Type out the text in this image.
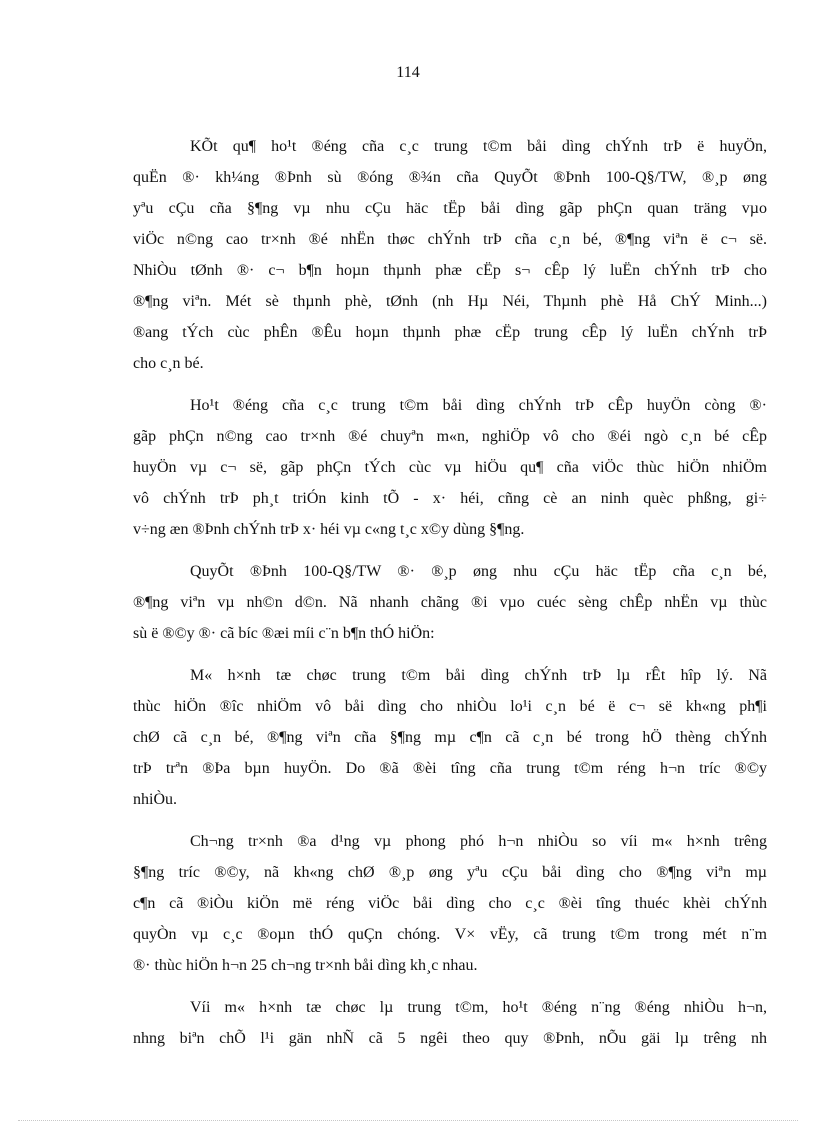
114
KÕt qu¶ ho¹t ®éng cña c¸c trung t©m båi dìng chÝnh trÞ ë huyÖn,
quËn ®· kh¼ng ®Þnh sù ®óng ®¾n cña QuyÕt ®Þnh 100-Q§/TW, ®¸p øng
yªu cÇu cña §¶ng vµ nhu cÇu häc tËp båi dìng gãp phÇn quan träng vµo
viÖc n©ng cao tr×nh ®é nhËn thøc chÝnh trÞ cña c¸n bé, ®¶ng viªn ë c¬ së.
NhiÒu tØnh ®· c¬ b¶n hoµn thµnh phæ cËp s¬ cÊp lý luËn chÝnh trÞ cho
®¶ng viªn. Mét sè thµnh phè, tØnh (nh Hµ Néi, Thµnh phè Hå ChÝ Minh...)
®ang tÝch cùc phÊn ®Êu hoµn thµnh phæ cËp trung cÊp lý luËn chÝnh trÞ
cho c¸n bé.
Ho¹t ®éng cña c¸c trung t©m båi dìng chÝnh trÞ cÊp huyÖn còng ®·
gãp phÇn n©ng cao tr×nh ®é chuyªn m«n, nghiÖp vô cho ®éi ngò c¸n bé cÊp
huyÖn vµ c¬ së, gãp phÇn tÝch cùc vµ hiÖu qu¶ cña viÖc thùc hiÖn nhiÖm
vô chÝnh trÞ ph¸t triÓn kinh tÕ - x· héi, cñng cè an ninh quèc phßng, gi÷
v÷ng æn ®Þnh chÝnh trÞ x· héi vµ c«ng t¸c x©y dùng §¶ng.
QuyÕt ®Þnh 100-Q§/TW ®· ®¸p øng nhu cÇu häc tËp cña c¸n bé,
®¶ng viªn vµ nh©n d©n. Nã nhanh chãng ®i vµo cuéc sèng chÊp nhËn vµ thùc
sù ë ®©y ®· cã bíc ®æi míi c¨n b¶n thÓ hiÖn:
M« h×nh tæ chøc trung t©m båi dìng chÝnh trÞ lµ rÊt hîp lý. Nã
thùc hiÖn ®îc nhiÖm vô båi dìng cho nhiÒu lo¹i c¸n bé ë c¬ së kh«ng ph¶i
chØ cã c¸n bé, ®¶ng viªn cña §¶ng mµ c¶n cã c¸n bé trong hÖ thèng chÝnh
trÞ trªn ®Þa bµn huyÖn. Do ®ã ®èi tîng cña trung t©m réng h¬n tríc ®©y
nhiÒu.
Ch¬ng tr×nh ®a d¹ng vµ phong phó h¬n nhiÒu so víi m« h×nh trêng
§¶ng tríc ®©y, nã kh«ng chØ ®¸p øng yªu cÇu båi dìng cho ®¶ng viªn mµ
c¶n cã ®iÒu kiÖn më réng viÖc båi dìng cho c¸c ®èi tîng thuéc khèi chÝnh
quyÒn vµ c¸c ®oµn thÓ quÇn chóng. V× vËy, cã trung t©m trong mét n¨m
®· thùc hiÖn h¬n 25 ch¬ng tr×nh båi dìng kh¸c nhau.
Víi m« h×nh tæ chøc lµ trung t©m, ho¹t ®éng n¨ng ®éng nhiÒu h¬n,
nhng biªn chÕ l¹i gän nhÑ cã 5 ngêi theo quy ®Þnh, nÕu gäi lµ trêng nh
